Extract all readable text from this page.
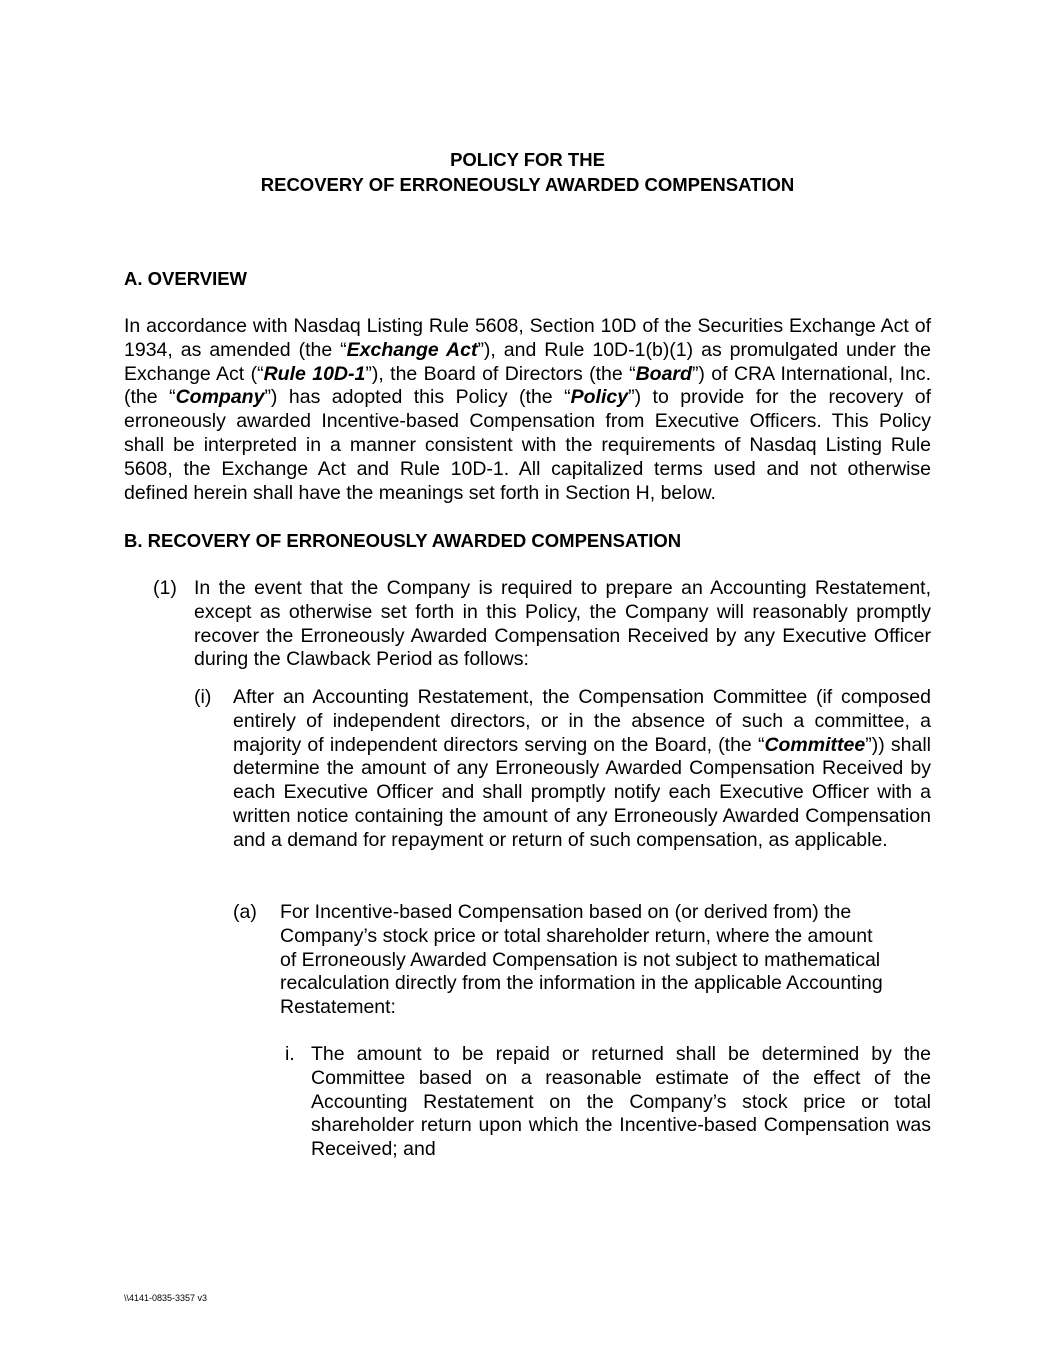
POLICY FOR THE
RECOVERY OF ERRONEOUSLY AWARDED COMPENSATION
A. OVERVIEW
In accordance with Nasdaq Listing Rule 5608, Section 10D of the Securities Exchange Act of 1934, as amended (the “Exchange Act”), and Rule 10D-1(b)(1) as promulgated under the Exchange Act (“Rule 10D-1”), the Board of Directors (the “Board”) of CRA International, Inc. (the “Company”) has adopted this Policy (the “Policy”) to provide for the recovery of erroneously awarded Incentive-based Compensation from Executive Officers. This Policy shall be interpreted in a manner consistent with the requirements of Nasdaq Listing Rule 5608, the Exchange Act and Rule 10D-1. All capitalized terms used and not otherwise defined herein shall have the meanings set forth in Section H, below.
B. RECOVERY OF ERRONEOUSLY AWARDED COMPENSATION
(1) In the event that the Company is required to prepare an Accounting Restatement, except as otherwise set forth in this Policy, the Company will reasonably promptly recover the Erroneously Awarded Compensation Received by any Executive Officer during the Clawback Period as follows:
(i) After an Accounting Restatement, the Compensation Committee (if composed entirely of independent directors, or in the absence of such a committee, a majority of independent directors serving on the Board, (the “Committee”)) shall determine the amount of any Erroneously Awarded Compensation Received by each Executive Officer and shall promptly notify each Executive Officer with a written notice containing the amount of any Erroneously Awarded Compensation and a demand for repayment or return of such compensation, as applicable.
(a) For Incentive-based Compensation based on (or derived from) the
Company’s stock price or total shareholder return, where the amount
of Erroneously Awarded Compensation is not subject to mathematical
recalculation directly from the information in the applicable Accounting
Restatement:
i. The amount to be repaid or returned shall be determined by the Committee based on a reasonable estimate of the effect of the Accounting Restatement on the Company’s stock price or total shareholder return upon which the Incentive-based Compensation was Received; and
\\4141-0835-3357 v3
